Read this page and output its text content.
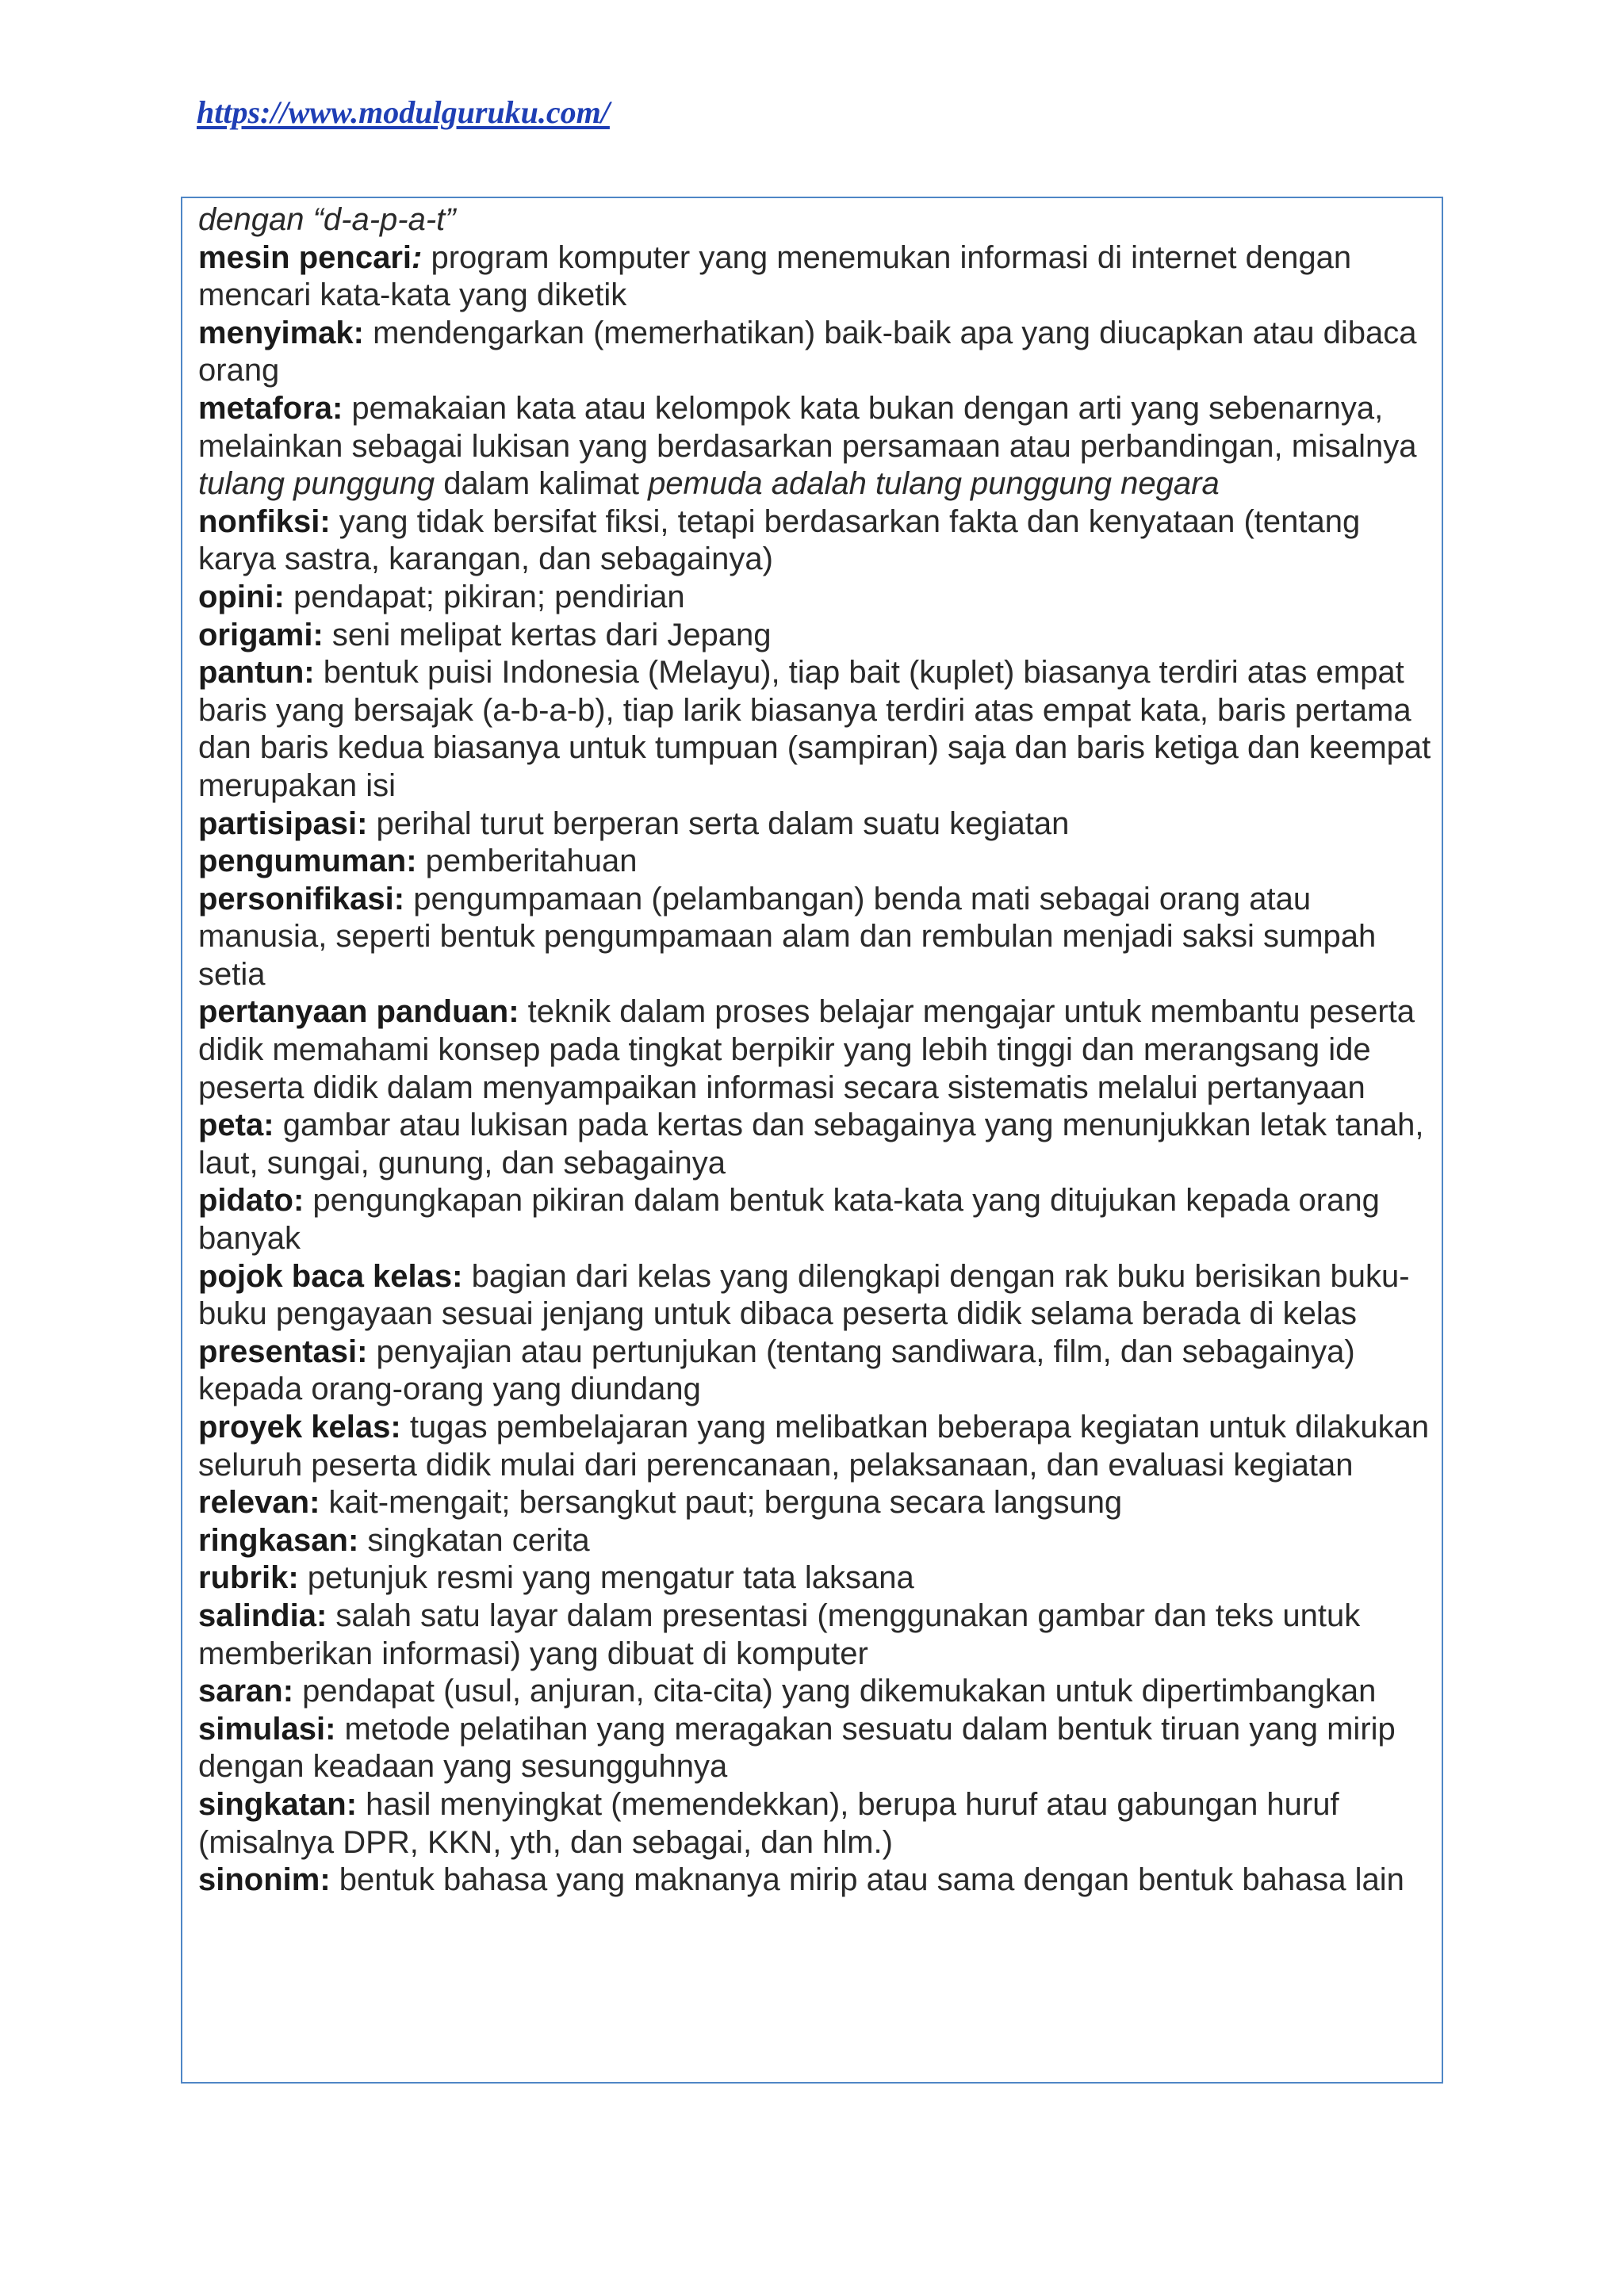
https://www.modulguruku.com/
dengan “d-a-p-a-t”

mesin pencari: program komputer yang menemukan informasi di internet dengan mencari kata-kata yang diketik

menyimak: mendengarkan (memerhatikan) baik-baik apa yang diucapkan atau dibaca orang

metafora: pemakaian kata atau kelompok kata bukan dengan arti yang sebenarnya, melainkan sebagai lukisan yang berdasarkan persamaan atau perbandingan, misalnya tulang punggung dalam kalimat pemuda adalah tulang punggung negara

nonfiksi: yang tidak bersifat fiksi, tetapi berdasarkan fakta dan kenyataan (tentang karya sastra, karangan, dan sebagainya)

opini: pendapat; pikiran; pendirian

origami: seni melipat kertas dari Jepang

pantun: bentuk puisi Indonesia (Melayu), tiap bait (kuplet) biasanya terdiri atas empat baris yang bersajak (a-b-a-b), tiap larik biasanya terdiri atas empat kata, baris pertama dan baris kedua biasanya untuk tumpuan (sampiran) saja dan baris ketiga dan keempat merupakan isi

partisipasi: perihal turut berperan serta dalam suatu kegiatan

pengumuman: pemberitahuan

personifikasi: pengumpamaan (pelambangan) benda mati sebagai orang atau manusia, seperti bentuk pengumpamaan alam dan rembulan menjadi saksi sumpah setia

pertanyaan panduan: teknik dalam proses belajar mengajar untuk membantu peserta didik memahami konsep pada tingkat berpikir yang lebih tinggi dan merangsang ide peserta didik dalam menyampaikan informasi secara sistematis melalui pertanyaan

peta: gambar atau lukisan pada kertas dan sebagainya yang menunjukkan letak tanah, laut, sungai, gunung, dan sebagainya

pidato: pengungkapan pikiran dalam bentuk kata-kata yang ditujukan kepada orang banyak

pojok baca kelas: bagian dari kelas yang dilengkapi dengan rak buku berisikan buku-buku pengayaan sesuai jenjang untuk dibaca peserta didik selama berada di kelas

presentasi: penyajian atau pertunjukan (tentang sandiwara, film, dan sebagainya) kepada orang-orang yang diundang

proyek kelas: tugas pembelajaran yang melibatkan beberapa kegiatan untuk dilakukan seluruh peserta didik mulai dari perencanaan, pelaksanaan, dan evaluasi kegiatan

relevan: kait-mengait; bersangkut paut; berguna secara langsung

ringkasan: singkatan cerita

rubrik: petunjuk resmi yang mengatur tata laksana

salindia: salah satu layar dalam presentasi (menggunakan gambar dan teks untuk memberikan informasi) yang dibuat di komputer

saran: pendapat (usul, anjuran, cita-cita) yang dikemukakan untuk dipertimbangkan

simulasi: metode pelatihan yang meragakan sesuatu dalam bentuk tiruan yang mirip dengan keadaan yang sesungguhnya

singkatan: hasil menyingkat (memendekkan), berupa huruf atau gabungan huruf (misalnya DPR, KKN, yth, dan sebagai, dan hlm.)

sinonim: bentuk bahasa yang maknanya mirip atau sama dengan bentuk bahasa lain
